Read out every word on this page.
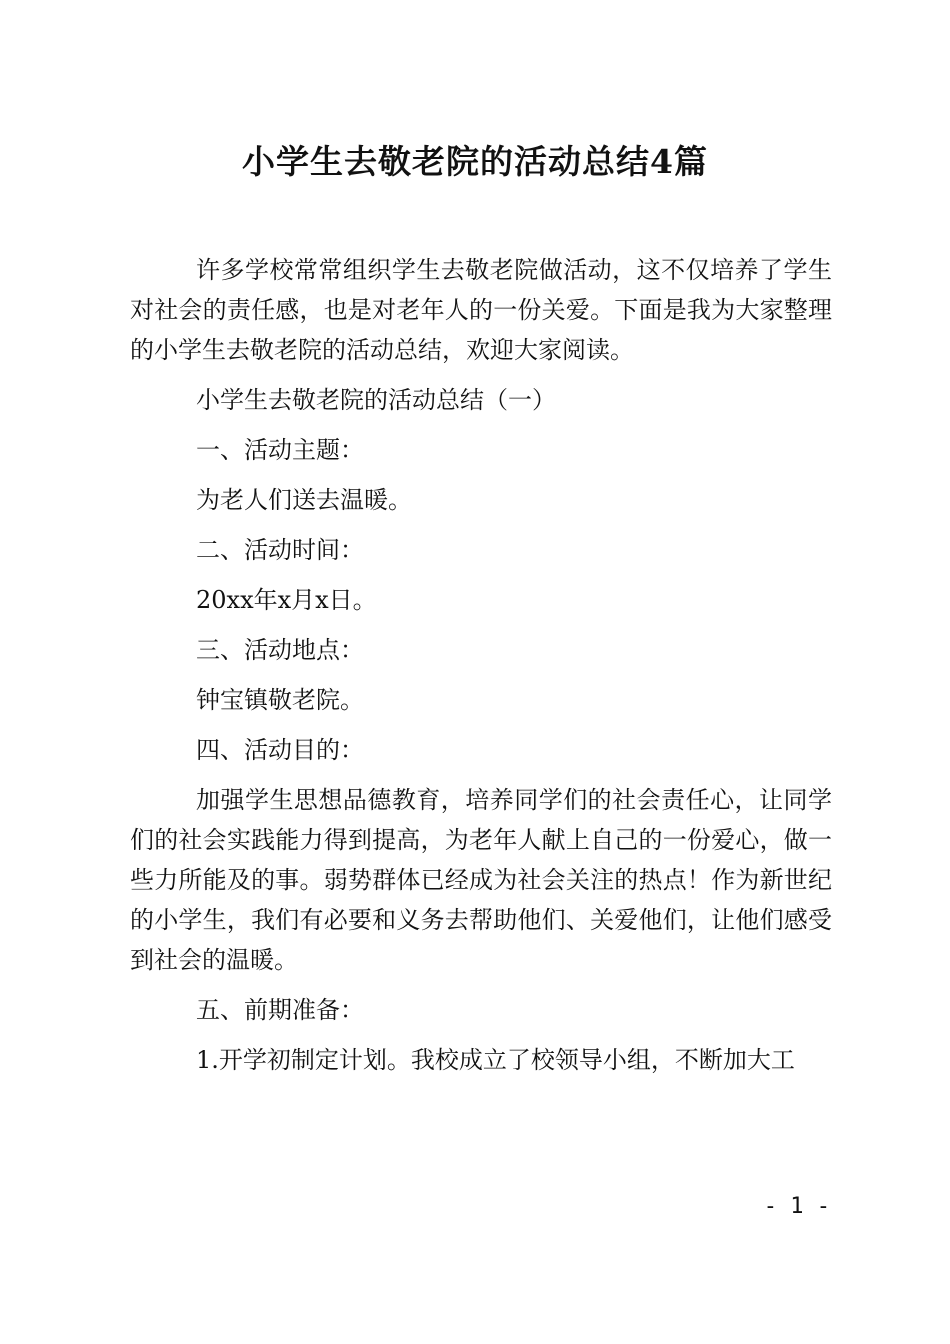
小学生去敬老院的活动总结4篇

许多学校常常组织学生去敬老院做活动，这不仅培养了学生对社会的责任感，也是对老年人的一份关爱。下面是我为大家整理的小学生去敬老院的活动总结，欢迎大家阅读。

小学生去敬老院的活动总结（一）

一、活动主题：

为老人们送去温暖。

二、活动时间：

20xx年x月x日。

三、活动地点：

钟宝镇敬老院。

四、活动目的：

加强学生思想品德教育，培养同学们的社会责任心，让同学们的社会实践能力得到提高，为老年人献上自己的一份爱心，做一些力所能及的事。弱势群体已经成为社会关注的热点！作为新世纪的小学生，我们有必要和义务去帮助他们、关爱他们，让他们感受到社会的温暖。

五、前期准备：

1.开学初制定计划。我校成立了校领导小组，不断加大工

- 1 -
